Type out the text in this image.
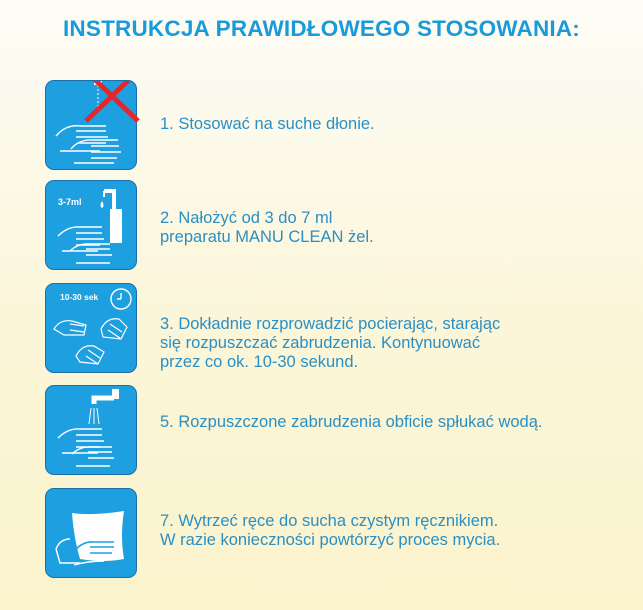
INSTRUKCJA PRAWIDŁOWEGO STOSOWANIA:
1. Stosować na suche dłonie.
3-7ml
2. Nałożyć od 3 do 7 ml
preparatu MANU CLEAN żel.
10-30 sek
3. Dokładnie rozprowadzić pocierając, starając
się rozpuszczać zabrudzenia. Kontynuować
przez co ok. 10-30 sekund.
5. Rozpuszczone zabrudzenia obficie spłukać wodą.
7. Wytrzeć ręce do sucha czystym ręcznikiem.
W razie konieczności powtórzyć proces mycia.
